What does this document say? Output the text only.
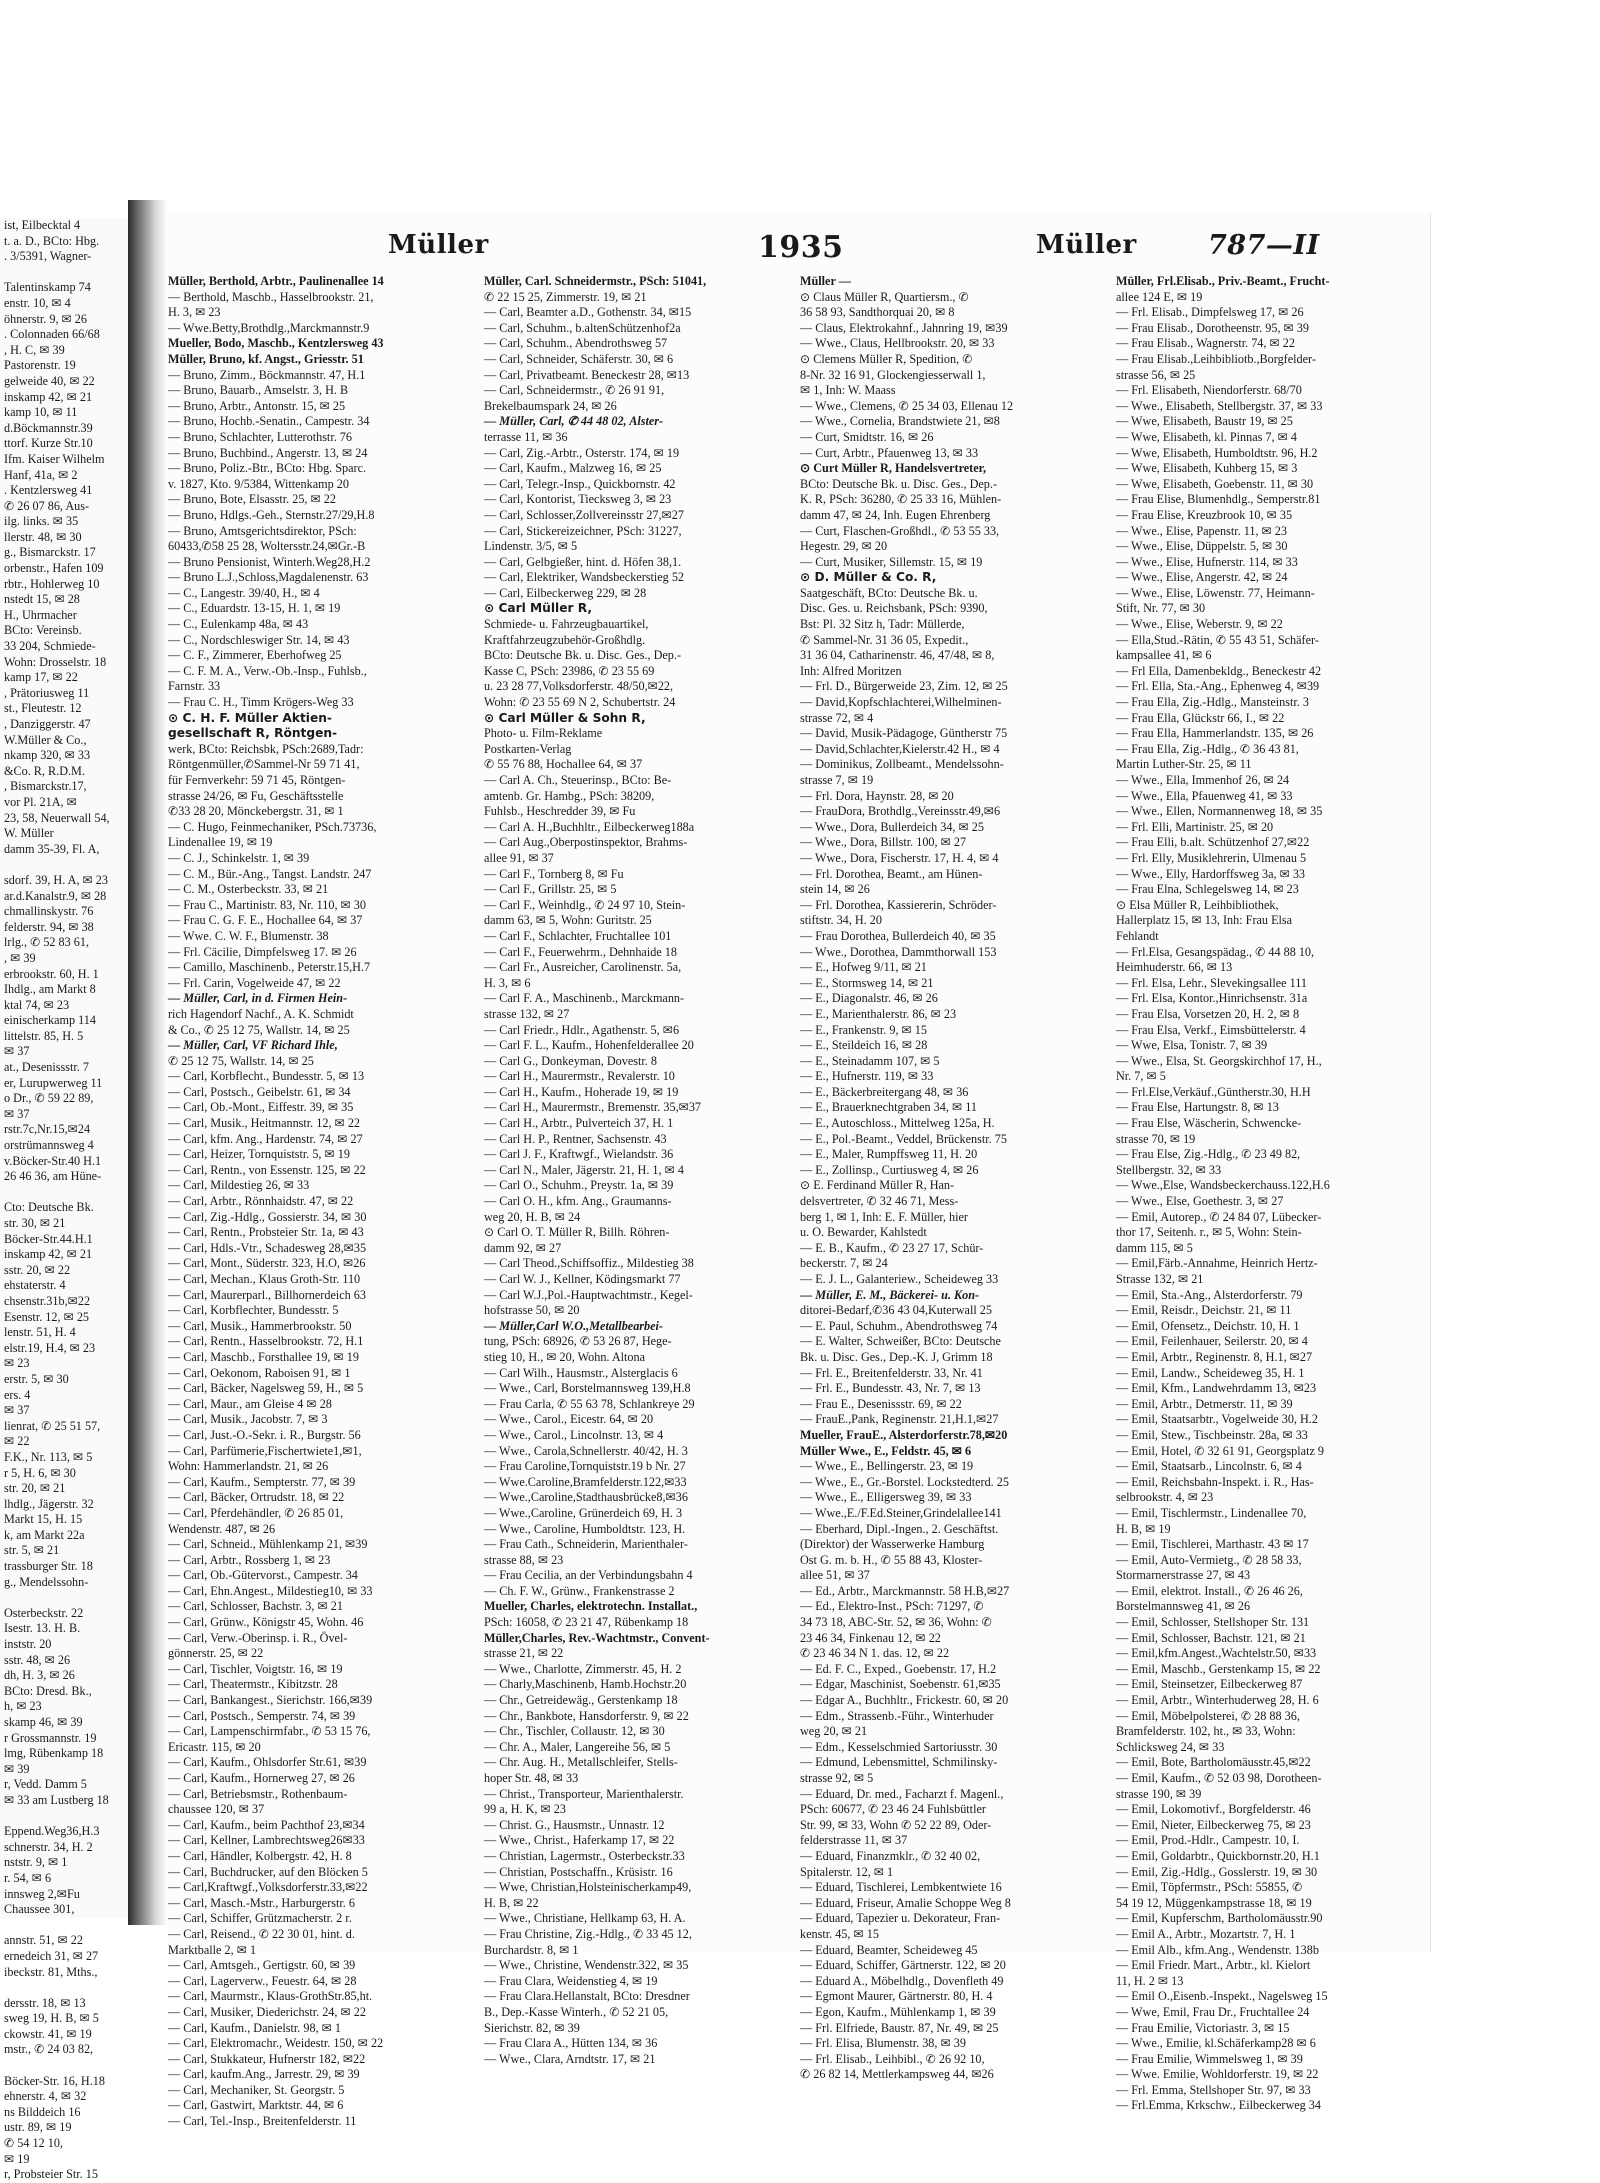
ist, Eilbecktal 4
t. a. D., BCto: Hbg.
. 3/5391, Wagner-

Talentinskamp 74
enstr. 10, ✉ 4
öhnerstr. 9, ✉ 26
. Colonnaden 66/68
, H. C, ✉ 39
Pastorenstr. 19
gelweide 40, ✉ 22
inskamp 42, ✉ 21
kamp 10, ✉ 11
d.Böckmannstr.39
ttorf. Kurze Str.10
Ifm. Kaiser Wilhelm
Hanf, 41a, ✉ 2
. Kentzlersweg 41
✆ 26 07 86, Aus-
ilg. links. ✉ 35
llerstr. 48, ✉ 30
g., Bismarckstr. 17
orbenstr., Hafen 109
rbtr., Hohlerweg 10
nstedt 15, ✉ 28
H., Uhrmacher
BCto: Vereinsb.
33 204, Schmiede-
Wohn: Drosselstr. 18
kamp 17, ✉ 22
, Prätoriusweg 11
st., Fleutestr. 12
, Danziggerstr. 47
W.Müller & Co.,
nkamp 320, ✉ 33
&Co. R, R.D.M.
, Bismarckstr.17,
vor Pl. 21A, ✉
23, 58, Neuerwall 54,
W. Müller
damm 35-39, Fl. A,

sdorf. 39, H. A, ✉ 23
ar.d.Kanalstr.9, ✉ 28
chmallinskystr. 76
felderstr. 94, ✉ 38
lrlg., ✆ 52 83 61,
, ✉ 39
erbrookstr. 60, H. 1
Ihdlg., am Markt 8
ktal 74, ✉ 23
einischerkamp 114
littelstr. 85, H. 5
✉ 37
at., Desenissstr. 7
er, Lurupwerweg 11
o Dr., ✆ 59 22 89,
✉ 37
rstr.7c,Nr.15,✉24
orstrümannsweg 4
v.Böcker-Str.40 H.1
26 46 36, am Hüne-

Cto: Deutsche Bk.
str. 30, ✉ 21
Böcker-Str.44.H.1
inskamp 42, ✉ 21
sstr. 20, ✉ 22
ehstaterstr. 4
chsenstr.31b,✉22
Esenstr. 12, ✉ 25
lenstr. 51, H. 4
elstr.19, H.4, ✉ 23
✉ 23
erstr. 5, ✉ 30
ers. 4
✉ 37
lienrat, ✆ 25 51 57,
✉ 22
F.K., Nr. 113, ✉ 5
r 5, H. 6, ✉ 30
str. 20, ✉ 21
lhdlg., Jägerstr. 32
Markt 15, H. 15
k, am Markt 22a
str. 5, ✉ 21
trassburger Str. 18
g., Mendelssohn-

Osterbeckstr. 22
Isestr. 13. H. B.
inststr. 20
sstr. 48, ✉ 26
dh, H. 3, ✉ 26
BCto: Dresd. Bk.,
h, ✉ 23
skamp 46, ✉ 39
r Grossmannstr. 19
lmg, Rübenkamp 18
✉ 39
r, Vedd. Damm 5
✉ 33 am Lustberg 18

Eppend.Weg36,H.3
schnerstr. 34, H. 2
nststr. 9, ✉ 1
r. 54, ✉ 6
innsweg 2,✉Fu
Chaussee 301,

annstr. 51, ✉ 22
ernedeich 31, ✉ 27
ibeckstr. 81, Mths.,

dersstr. 18, ✉ 13
sweg 19, H. B, ✉ 5
ckowstr. 41, ✉ 19
mstr., ✆ 24 03 82,

Böcker-Str. 16, H.18
ehnerstr. 4, ✉ 32
ns Bilddeich 16
ustr. 89, ✉ 19
✆ 54 12 10,
✉ 19
r, Probsteier Str. 15
Müller	1935	Müller	787—II
Müller, Berthold, Arbtr., Paulinenallee 14
— Berthold, Maschb., Hasselbrookstr. 21,
H. 3, ✉ 23
— Wwe.Betty,Brothdlg.,Marckmannstr.9
Mueller, Bodo, Maschb., Kentzlersweg 43
Müller, Bruno, kf. Angst., Griesstr. 51
— Bruno, Zimm., Böckmannstr. 47, H.1
— Bruno, Bauarb., Amselstr. 3, H. B
— Bruno, Arbtr., Antonstr. 15, ✉ 25
— Bruno, Hochb.-Senatin., Campestr. 34
— Bruno, Schlachter, Lutterothstr. 76
— Bruno, Buchbind., Angerstr. 13, ✉ 24
— Bruno, Poliz.-Btr., BCto: Hbg. Sparc.
v. 1827, Kto. 9/5384, Wittenkamp 20
— Bruno, Bote, Elsasstr. 25, ✉ 22
— Bruno, Hdlgs.-Geh., Sternstr.27/29,H.8
— Bruno, Amtsgerichtsdirektor, PSch:
60433,✆58 25 28, Woltersstr.24,✉Gr.-B
— Bruno Pensionist, Winterh.Weg28,H.2
— Bruno L.J.,Schloss,Magdalenenstr. 63
— C., Langestr. 39/40, H., ✉ 4
— C., Eduardstr. 13-15, H. 1, ✉ 19
— C., Eulenkamp 48a, ✉ 43
— C., Nordschleswiger Str. 14, ✉ 43
— C. F., Zimmerer, Eberhofweg 25
— C. F. M. A., Verw.-Ob.-Insp., Fuhlsb.,
Farnstr. 33
— Frau C. H., Timm Krögers-Weg 33
⊙ C. H. F. Müller Aktien-
gesellschaft R, Röntgen-
werk, BCto: Reichsbk, PSch:2689,Tadr:
Röntgenmüller,✆Sammel-Nr 59 71 41,
für Fernverkehr: 59 71 45, Röntgen-
strasse 24/26, ✉ Fu, Geschäftsstelle
✆33 28 20, Mönckebergstr. 31, ✉ 1
— C. Hugo, Feinmechaniker, PSch.73736,
Lindenallee 19, ✉ 19
— C. J., Schinkelstr. 1, ✉ 39
— C. M., Bür.-Ang., Tangst. Landstr. 247
— C. M., Osterbeckstr. 33, ✉ 21
— Frau C., Martinistr. 83, Nr. 110, ✉ 30
— Frau C. G. F. E., Hochallee 64, ✉ 37
— Wwe. C. W. F., Blumenstr. 38
— Frl. Cäcilie, Dimpfelsweg 17. ✉ 26
— Camillo, Maschinenb., Peterstr.15,H.7
— Frl. Carin, Vogelweide 47, ✉ 22
— Müller, Carl, in d. Firmen Hein-
rich Hagendorf Nachf., A. K. Schmidt
& Co., ✆ 25 12 75, Wallstr. 14, ✉ 25
— Müller, Carl, VF Richard Ihle,
✆ 25 12 75, Wallstr. 14, ✉ 25
— Carl, Korbflecht., Bundesstr. 5, ✉ 13
— Carl, Postsch., Geibelstr. 61, ✉ 34
— Carl, Ob.-Mont., Eiffestr. 39, ✉ 35
— Carl, Musik., Heitmannstr. 12, ✉ 22
— Carl, kfm. Ang., Hardenstr. 74, ✉ 27
— Carl, Heizer, Tornquiststr. 5, ✉ 19
— Carl, Rentn., von Essenstr. 125, ✉ 22
— Carl, Mildestieg 26, ✉ 33
— Carl, Arbtr., Rönnhaidstr. 47, ✉ 22
— Carl, Zig.-Hdlg., Gossierstr. 34, ✉ 30
— Carl, Rentn., Probsteier Str. 1a, ✉ 43
— Carl, Hdls.-Vtr., Schadesweg 28,✉35
— Carl, Mont., Süderstr. 323, H.O, ✉26
— Carl, Mechan., Klaus Groth-Str. 110
— Carl, Maurerparl., Billhornerdeich 63
— Carl, Korbflechter, Bundesstr. 5
— Carl, Musik., Hammerbrookstr. 50
— Carl, Rentn., Hasselbrookstr. 72, H.1
— Carl, Maschb., Forsthallee 19, ✉ 19
— Carl, Oekonom, Raboisen 91, ✉ 1
— Carl, Bäcker, Nagelsweg 59, H., ✉ 5
— Carl, Maur., am Gleise 4 ✉ 28
— Carl, Musik., Jacobstr. 7, ✉ 3
— Carl, Just.-O.-Sekr. i. R., Burgstr. 56
— Carl, Parfümerie,Fischertwiete1,✉1,
Wohn: Hammerlandstr. 21, ✉ 26
— Carl, Kaufm., Sempterstr. 77, ✉ 39
— Carl, Bäcker, Ortrudstr. 18, ✉ 22
— Carl, Pferdehändler, ✆ 26 85 01,
Wendenstr. 487, ✉ 26
— Carl, Schneid., Mühlenkamp 21, ✉39
— Carl, Arbtr., Rossberg 1, ✉ 23
— Carl, Ob.-Gütervorst., Campestr. 34
— Carl, Ehn.Angest., Mildestieg10, ✉ 33
— Carl, Schlosser, Bachstr. 3, ✉ 21
— Carl, Grünw., Königstr 45, Wohn. 46
— Carl, Verw.-Oberinsp. i. R., Övel-
gönnerstr. 25, ✉ 22
— Carl, Tischler, Voigtstr. 16, ✉ 19
— Carl, Theatermstr., Kibitzstr. 28
— Carl, Bankangest., Sierichstr. 166,✉39
— Carl, Postsch., Semperstr. 74, ✉ 39
— Carl, Lampenschirmfabr., ✆ 53 15 76,
Ericastr. 115, ✉ 20
— Carl, Kaufm., Ohlsdorfer Str.61, ✉39
— Carl, Kaufm., Hornerweg 27, ✉ 26
— Carl, Betriebsmstr., Rothenbaum-
chaussee 120, ✉ 37
— Carl, Kaufm., beim Pachthof 23,✉34
— Carl, Kellner, Lambrechtsweg26✉33
— Carl, Händler, Kolbergstr. 42, H. 8
— Carl, Buchdrucker, auf den Blöcken 5
— Carl,Kraftwgf.,Volksdorferstr.33,✉22
— Carl, Masch.-Mstr., Harburgerstr. 6
— Carl, Schiffer, Grützmacherstr. 2 r.
— Carl, Reisend., ✆ 22 30 01, hint. d.
Marktballe 2, ✉ 1
— Carl, Amtsgeh., Gertigstr. 60, ✉ 39
— Carl, Lagerverw., Feuestr. 64, ✉ 28
— Carl, Maurmstr., Klaus-GrothStr.85,ht.
— Carl, Musiker, Diederichstr. 24, ✉ 22
— Carl, Kaufm., Danielstr. 98, ✉ 1
— Carl, Elektromachr., Weidestr. 150, ✉ 22
— Carl, Stukkateur, Hufnerstr 182, ✉22
— Carl, kaufm.Ang., Jarrestr. 29, ✉ 39
— Carl, Mechaniker, St. Georgstr. 5
— Carl, Gastwirt, Marktstr. 44, ✉ 6
— Carl, Tel.-Insp., Breitenfelderstr. 11
Müller, Carl. Schneidermstr., PSch: 51041,
✆ 22 15 25, Zimmerstr. 19, ✉ 21
— Carl, Beamter a.D., Gothenstr. 34, ✉15
— Carl, Schuhm., b.altenSchützenhof2a
— Carl, Schuhm., Abendrothsweg 57
— Carl, Schneider, Schäferstr. 30, ✉ 6
— Carl, Privatbeamt. Beneckestr 28, ✉13
— Carl, Schneidermstr., ✆ 26 91 91,
Brekelbaumspark 24, ✉ 26
— Müller, Carl, ✆ 44 48 02, Alster-
terrasse 11, ✉ 36
— Carl, Zig.-Arbtr., Osterstr. 174, ✉ 19
— Carl, Kaufm., Malzweg 16, ✉ 25
— Carl, Telegr.-Insp., Quickbornstr. 42
— Carl, Kontorist, Tiecksweg 3, ✉ 23
— Carl, Schlosser,Zollvereinsstr 27,✉27
— Carl, Stickereizeichner, PSch: 31227,
Lindenstr. 3/5, ✉ 5
— Carl, Gelbgießer, hint. d. Höfen 38,1.
— Carl, Elektriker, Wandsbeckerstieg 52
— Carl, Eilbeckerweg 229, ✉ 28
⊙ Carl Müller R,
Schmiede- u. Fahrzeugbauartikel,
Kraftfahrzeugzubehör-Großhdlg.
BCto: Deutsche Bk. u. Disc. Ges., Dep.-
Kasse C, PSch: 23986, ✆ 23 55 69
u. 23 28 77,Volksdorferstr. 48/50,✉22,
Wohn: ✆ 23 55 69 N 2, Schubertstr. 24
⊙ Carl Müller & Sohn R,
Photo- u. Film-Reklame
Postkarten-Verlag
✆ 55 76 88, Hochallee 64, ✉ 37
— Carl A. Ch., Steuerinsp., BCto: Be-
amtenb. Gr. Hambg., PSch: 38209,
Fuhlsb., Heschredder 39, ✉ Fu
— Carl A. H.,Buchhltr., Eilbeckerweg188a
— Carl Aug.,Oberpostinspektor, Brahms-
allee 91, ✉ 37
— Carl F., Tornberg 8, ✉ Fu
— Carl F., Grillstr. 25, ✉ 5
— Carl F., Weinhdlg., ✆ 24 97 10, Stein-
damm 63, ✉ 5, Wohn: Guritstr. 25
— Carl F., Schlachter, Fruchtallee 101
— Carl F., Feuerwehrm., Dehnhaide 18
— Carl Fr., Ausreicher, Carolinenstr. 5a,
H. 3, ✉ 6
— Carl F. A., Maschinenb., Marckmann-
strasse 132, ✉ 27
— Carl Friedr., Hdlr., Agathenstr. 5, ✉6
— Carl F. L., Kaufm., Hohenfelderallee 20
— Carl G., Donkeyman, Dovestr. 8
— Carl H., Maurermstr., Revalerstr. 10
— Carl H., Kaufm., Hoherade 19, ✉ 19
— Carl H., Maurermstr., Bremenstr. 35,✉37
— Carl H., Arbtr., Pulverteich 37, H. 1
— Carl H. P., Rentner, Sachsenstr. 43
— Carl J. F., Kraftwgf., Wielandstr. 36
— Carl N., Maler, Jägerstr. 21, H. 1, ✉ 4
— Carl O., Schuhm., Preystr. 1a, ✉ 39
— Carl O. H., kfm. Ang., Graumanns-
weg 20, H. B, ✉ 24
⊙ Carl O. T. Müller R, Billh. Röhren-
damm 92, ✉ 27
— Carl Theod.,Schiffsoffiz., Mildestieg 38
— Carl W. J., Kellner, Ködingsmarkt 77
— Carl W.J.,Pol.-Hauptwachtmstr., Kegel-
hofstrasse 50, ✉ 20
— Müller,Carl W.O.,Metallbearbei-
tung, PSch: 68926, ✆ 53 26 87, Hege-
stieg 10, H., ✉ 20, Wohn. Altona
— Carl Wilh., Hausmstr., Alsterglacis 6
— Wwe., Carl, Borstelmannsweg 139,H.8
— Frau Carla, ✆ 55 63 78, Schlankreye 29
— Wwe., Carol., Eicestr. 64, ✉ 20
— Wwe., Carol., Lincolnstr. 13, ✉ 4
— Wwe., Carola,Schnellerstr. 40/42, H. 3
— Frau Caroline,Tornquiststr.19 b Nr. 27
— Wwe.Caroline,Bramfelderstr.122,✉33
— Wwe.,Caroline,Stadthausbrücke8,✉36
— Wwe.,Caroline, Grünerdeich 69, H. 3
— Wwe., Caroline, Humboldtstr. 123, H.
— Frau Cath., Schneiderin, Marienthaler-
strasse 88, ✉ 23
— Frau Cecilia, an der Verbindungsbahn 4
— Ch. F. W., Grünw., Frankenstrasse 2
Mueller, Charles, elektrotechn. Installat.,
PSch: 16058, ✆ 23 21 47, Rübenkamp 18
Müller,Charles, Rev.-Wachtmstr., Convent-
strasse 21, ✉ 22
— Wwe., Charlotte, Zimmerstr. 45, H. 2
— Charly,Maschinenb, Hamb.Hochstr.20
— Chr., Getreidewäg., Gerstenkamp 18
— Chr., Bankbote, Hansdorferstr. 9, ✉ 22
— Chr., Tischler, Collaustr. 12, ✉ 30
— Chr. A., Maler, Langereihe 56, ✉ 5
— Chr. Aug. H., Metallschleifer, Stells-
hoper Str. 48, ✉ 33
— Christ., Transporteur, Marienthalerstr.
99 a, H. K, ✉ 23
— Christ. G., Hausmstr., Unnastr. 12
— Wwe., Christ., Haferkamp 17, ✉ 22
— Christian, Lagermstr., Osterbeckstr.33
— Christian, Postschaffn., Krüsistr. 16
— Wwe, Christian,Holsteinischerkamp49,
H. B, ✉ 22
— Wwe., Christiane, Hellkamp 63, H. A.
— Frau Christine, Zig.-Hdlg., ✆ 33 45 12,
Burchardstr. 8, ✉ 1
— Wwe., Christine, Wendenstr.322, ✉ 35
— Frau Clara, Weidenstieg 4, ✉ 19
— Frau Clara.Hellanstalt, BCto: Dresdner
B., Dep.-Kasse Winterh., ✆ 52 21 05,
Sierichstr. 82, ✉ 39
— Frau Clara A., Hütten 134, ✉ 36
— Wwe., Clara, Arndtstr. 17, ✉ 21
Müller —
⊙ Claus Müller R, Quartiersm., ✆
36 58 93, Sandthorquai 20, ✉ 8
— Claus, Elektrokahnf., Jahnring 19, ✉39
— Wwe., Claus, Hellbrookstr. 20, ✉ 33
⊙ Clemens Müller R, Spedition, ✆
8-Nr. 32 16 91, Glockengiesserwall 1,
✉ 1, Inh: W. Maass
— Wwe., Clemens, ✆ 25 34 03, Ellenau 12
— Wwe., Cornelia, Brandstwiete 21, ✉8
— Curt, Smidtstr. 16, ✉ 26
— Curt, Arbtr., Pfauenweg 13, ✉ 33
⊙ Curt Müller R, Handelsvertreter,
BCto: Deutsche Bk. u. Disc. Ges., Dep.-
K. R, PSch: 36280, ✆ 25 33 16, Mühlen-
damm 47, ✉ 24, Inh. Eugen Ehrenberg
— Curt, Flaschen-Großhdl., ✆ 53 55 33,
Hegestr. 29, ✉ 20
— Curt, Musiker, Sillemstr. 15, ✉ 19
⊙ D. Müller & Co. R,
Saatgeschäft, BCto: Deutsche Bk. u.
Disc. Ges. u. Reichsbank, PSch: 9390,
Bst: Pl. 32 Sitz h, Tadr: Müllerde,
✆ Sammel-Nr. 31 36 05, Expedit.,
31 36 04, Catharinenstr. 46, 47/48, ✉ 8,
Inh: Alfred Moritzen
— Frl. D., Bürgerweide 23, Zim. 12, ✉ 25
— David,Kopfschlachterei,Wilhelminen-
strasse 72, ✉ 4
— David, Musik-Pädagoge, Güntherstr 75
— David,Schlachter,Kielerstr.42 H., ✉ 4
— Dominikus, Zollbeamt., Mendelssohn-
strasse 7, ✉ 19
— Frl. Dora, Haynstr. 28, ✉ 20
— FrauDora, Brothdlg.,Vereinsstr.49,✉6
— Wwe., Dora, Bullerdeich 34, ✉ 25
— Wwe., Dora, Billstr. 100, ✉ 27
— Wwe., Dora, Fischerstr. 17, H. 4, ✉ 4
— Frl. Dorothea, Beamt., am Hünen-
stein 14, ✉ 26
— Frl. Dorothea, Kassiererin, Schröder-
stiftstr. 34, H. 20
— Frau Dorothea, Bullerdeich 40, ✉ 35
— Wwe., Dorothea, Dammthorwall 153
— E., Hofweg 9/11, ✉ 21
— E., Stormsweg 14, ✉ 21
— E., Diagonalstr. 46, ✉ 26
— E., Marienthalerstr. 86, ✉ 23
— E., Frankenstr. 9, ✉ 15
— E., Steildeich 16, ✉ 28
— E., Steinadamm 107, ✉ 5
— E., Hufnerstr. 119, ✉ 33
— E., Bäckerbreitergang 48, ✉ 36
— E., Brauerknechtgraben 34, ✉ 11
— E., Autoschloss., Mittelweg 125a, H.
— E., Pol.-Beamt., Veddel, Brückenstr. 75
— E., Maler, Rumpffsweg 11, H. 20
— E., Zollinsp., Curtiusweg 4, ✉ 26
⊙ E. Ferdinand Müller R, Han-
delsvertreter, ✆ 32 46 71, Mess-
berg 1, ✉ 1, Inh: E. F. Müller, hier
u. O. Bewarder, Kahlstedt
— E. B., Kaufm., ✆ 23 27 17, Schür-
beckerstr. 7, ✉ 24
— E. J. L., Galanteriew., Scheideweg 33
— Müller, E. M., Bäckerei- u. Kon-
ditorei-Bedarf,✆36 43 04,Kuterwall 25
— E. Paul, Schuhm., Abendrothsweg 74
— E. Walter, Schweißer, BCto: Deutsche
Bk. u. Disc. Ges., Dep.-K. J, Grimm 18
— Frl. E., Breitenfelderstr. 33, Nr. 41
— Frl. E., Bundesstr. 43, Nr. 7, ✉ 13
— Frau E., Desenissstr. 69, ✉ 22
— FrauE.,Pank, Reginenstr. 21,H.1,✉27
Mueller, FrauE., Alsterdorferstr.78,✉20
Müller Wwe., E., Feldstr. 45, ✉ 6
— Wwe., E., Bellingerstr. 23, ✉ 19
— Wwe., E., Gr.-Borstel. Lockstedterd. 25
— Wwe., E., Elligersweg 39, ✉ 33
— Wwe.,E./F.Ed.Steiner,Grindelallee141
— Eberhard, Dipl.-Ingen., 2. Geschäftst.
(Direktor) der Wasserwerke Hamburg
Ost G. m. b. H., ✆ 55 88 43, Kloster-
allee 51, ✉ 37
— Ed., Arbtr., Marckmannstr. 58 H.B,✉27
— Ed., Elektro-Inst., PSch: 71297, ✆
34 73 18, ABC-Str. 52, ✉ 36, Wohn: ✆
23 46 34, Finkenau 12, ✉ 22
✆ 23 46 34 N 1. das. 12, ✉ 22
— Ed. F. C., Exped., Goebenstr. 17, H.2
— Edgar, Maschinist, Soebenstr. 61,✉35
— Edgar A., Buchhltr., Frickestr. 60, ✉ 20
— Edm., Strassenb.-Führ., Winterhuder
weg 20, ✉ 21
— Edm., Kesselschmied Sartoriusstr. 30
— Edmund, Lebensmittel, Schmilinsky-
strasse 92, ✉ 5
— Eduard, Dr. med., Facharzt f. Magenl.,
PSch: 60677, ✆ 23 46 24 Fuhlsbüttler
Str. 99, ✉ 33, Wohn ✆ 52 22 89, Oder-
felderstrasse 11, ✉ 37
— Eduard, Finanzmklr., ✆ 32 40 02,
Spitalerstr. 12, ✉ 1
— Eduard, Tischlerei, Lembkentwiete 16
— Eduard, Friseur, Amalie Schoppe Weg 8
— Eduard, Tapezier u. Dekorateur, Fran-
kenstr. 45, ✉ 15
— Eduard, Beamter, Scheideweg 45
— Eduard, Schiffer, Gärtnerstr. 122, ✉ 20
— Eduard A., Möbelhdlg., Dovenfleth 49
— Egmont Maurer, Gärtnerstr. 80, H. 4
— Egon, Kaufm., Mühlenkamp 1, ✉ 39
— Frl. Elfriede, Baustr. 87, Nr. 49, ✉ 25
— Frl. Elisa, Blumenstr. 38, ✉ 39
— Frl. Elisab., Leihbibl., ✆ 26 92 10,
✆ 26 82 14, Mettlerkampsweg 44, ✉26
Müller, Frl.Elisab., Priv.-Beamt., Frucht-
allee 124 E, ✉ 19
— Frl. Elisab., Dimpfelsweg 17, ✉ 26
— Frau Elisab., Dorotheenstr. 95, ✉ 39
— Frau Elisab., Wagnerstr. 74, ✉ 22
— Frau Elisab.,Leihbibliotb.,Borgfelder-
strasse 56, ✉ 25
— Frl. Elisabeth, Niendorferstr. 68/70
— Wwe., Elisabeth, Stellbergstr. 37, ✉ 33
— Wwe, Elisabeth, Baustr 19, ✉ 25
— Wwe, Elisabeth, kl. Pinnas 7, ✉ 4
— Wwe, Elisabeth, Humboldtstr. 96, H.2
— Wwe, Elisabeth, Kuhberg 15, ✉ 3
— Wwe, Elisabeth, Goebenstr. 11, ✉ 30
— Frau Elise, Blumenhdlg., Semperstr.81
— Frau Elise, Kreuzbrook 10, ✉ 35
— Wwe., Elise, Papenstr. 11, ✉ 23
— Wwe., Elise, Düppelstr. 5, ✉ 30
— Wwe., Elise, Hufnerstr. 114, ✉ 33
— Wwe., Elise, Angerstr. 42, ✉ 24
— Wwe., Elise, Löwenstr. 77, Heimann-
Stift, Nr. 77, ✉ 30
— Wwe., Elise, Weberstr. 9, ✉ 22
— Ella,Stud.-Rätin, ✆ 55 43 51, Schäfer-
kampsallee 41, ✉ 6
— Frl Ella, Damenbekldg., Beneckestr 42
— Frl. Ella, Sta.-Ang., Ephenweg 4, ✉39
— Frau Ella, Zig.-Hdlg., Mansteinstr. 3
— Frau Ella, Glückstr 66, I., ✉ 22
— Frau Ella, Hammerlandstr. 135, ✉ 26
— Frau Ella, Zig.-Hdlg., ✆ 36 43 81,
Martin Luther-Str. 25, ✉ 11
— Wwe., Ella, Immenhof 26, ✉ 24
— Wwe., Ella, Pfauenweg 41, ✉ 33
— Wwe., Ellen, Normannenweg 18, ✉ 35
— Frl. Elli, Martinistr. 25, ✉ 20
— Frau Elli, b.alt. Schützenhof 27,✉22
— Frl. Elly, Musiklehrerin, Ulmenau 5
— Wwe., Elly, Hardorffsweg 3a, ✉ 33
— Frau Elna, Schlegelsweg 14, ✉ 23
⊙ Elsa Müller R, Leihbibliothek,
Hallerplatz 15, ✉ 13, Inh: Frau Elsa
Fehlandt
— Frl.Elsa, Gesangspädag., ✆ 44 88 10,
Heimhuderstr. 66, ✉ 13
— Frl. Elsa, Lehr., Slevekingsallee 111
— Frl. Elsa, Kontor.,Hinrichsenstr. 31a
— Frau Elsa, Vorsetzen 20, H. 2, ✉ 8
— Frau Elsa, Verkf., Eimsbüttelerstr. 4
— Wwe, Elsa, Tonistr. 7, ✉ 39
— Wwe., Elsa, St. Georgskirchhof 17, H.,
Nr. 7, ✉ 5
— Frl.Else,Verkäuf.,Güntherstr.30, H.H
— Frau Else, Hartungstr. 8, ✉ 13
— Frau Else, Wäscherin, Schwencke-
strasse 70, ✉ 19
— Frau Else, Zig.-Hdlg., ✆ 23 49 82,
Stellbergstr. 32, ✉ 33
— Wwe.,Else, Wandsbeckerchauss.122,H.6
— Wwe., Else, Goethestr. 3, ✉ 27
— Emil, Autorep., ✆ 24 84 07, Lübecker-
thor 17, Seitenh. r., ✉ 5, Wohn: Stein-
damm 115, ✉ 5
— Emil,Färb.-Annahme, Heinrich Hertz-
Strasse 132, ✉ 21
— Emil, Sta.-Ang., Alsterdorferstr. 79
— Emil, Reisdr., Deichstr. 21, ✉ 11
— Emil, Ofensetz., Deichstr. 10, H. 1
— Emil, Feilenhauer, Seilerstr. 20, ✉ 4
— Emil, Arbtr., Reginenstr. 8, H.1, ✉27
— Emil, Landw., Scheideweg 35, H. 1
— Emil, Kfm., Landwehrdamm 13, ✉23
— Emil, Arbtr., Detmerstr. 11, ✉ 39
— Emil, Staatsarbtr., Vogelweide 30, H.2
— Emil, Stew., Tischbeinstr. 28a, ✉ 33
— Emil, Hotel, ✆ 32 61 91, Georgsplatz 9
— Emil, Staatsarb., Lincolnstr. 6, ✉ 4
— Emil, Reichsbahn-Inspekt. i. R., Has-
selbrookstr. 4, ✉ 23
— Emil, Tischlermstr., Lindenallee 70,
H. B, ✉ 19
— Emil, Tischlerei, Marthastr. 43 ✉ 17
— Emil, Auto-Vermietg., ✆ 28 58 33,
Stormarnerstrasse 27, ✉ 43
— Emil, elektrot. Install., ✆ 26 46 26,
Borstelmannsweg 41, ✉ 26
— Emil, Schlosser, Stellshoper Str. 131
— Emil, Schlosser, Bachstr. 121, ✉ 21
— Emil,kfm.Angest.,Wachtelstr.50, ✉33
— Emil, Maschb., Gerstenkamp 15, ✉ 22
— Emil, Steinsetzer, Eilbeckerweg 87
— Emil, Arbtr., Winterhuderweg 28, H. 6
— Emil, Möbelpolsterei, ✆ 28 88 36,
Bramfelderstr. 102, ht., ✉ 33, Wohn:
Schlicksweg 24, ✉ 33
— Emil, Bote, Bartholomäusstr.45,✉22
— Emil, Kaufm., ✆ 52 03 98, Dorotheen-
strasse 190, ✉ 39
— Emil, Lokomotivf., Borgfelderstr. 46
— Emil, Nieter, Eilbeckerweg 75, ✉ 23
— Emil, Prod.-Hdlr., Campestr. 10, I.
— Emil, Goldarbtr., Quickbornstr.20, H.1
— Emil, Zig.-Hdlg., Gosslerstr. 19, ✉ 30
— Emil, Töpfermstr., PSch: 55855, ✆
54 19 12, Müggenkampstrasse 18, ✉ 19
— Emil, Kupferschm, Bartholomäusstr.90
— Emil A., Arbtr., Mozartstr. 7, H. 1
— Emil Alb., kfm.Ang., Wendenstr. 138b
— Emil Friedr. Mart., Arbtr., kl. Kielort
11, H. 2 ✉ 13
— Emil O.,Eisenb.-Inspekt., Nagelsweg 15
— Wwe, Emil, Frau Dr., Fruchtallee 24
— Frau Emilie, Victoriastr. 3, ✉ 15
— Wwe., Emilie, kl.Schäferkamp28 ✉ 6
— Frau Emilie, Wimmelsweg 1, ✉ 39
— Wwe. Emilie, Wohldorferstr. 19, ✉ 22
— Frl. Emma, Stellshoper Str. 97, ✉ 33
— Frl.Emma, Krkschw., Eilbeckerweg 34
